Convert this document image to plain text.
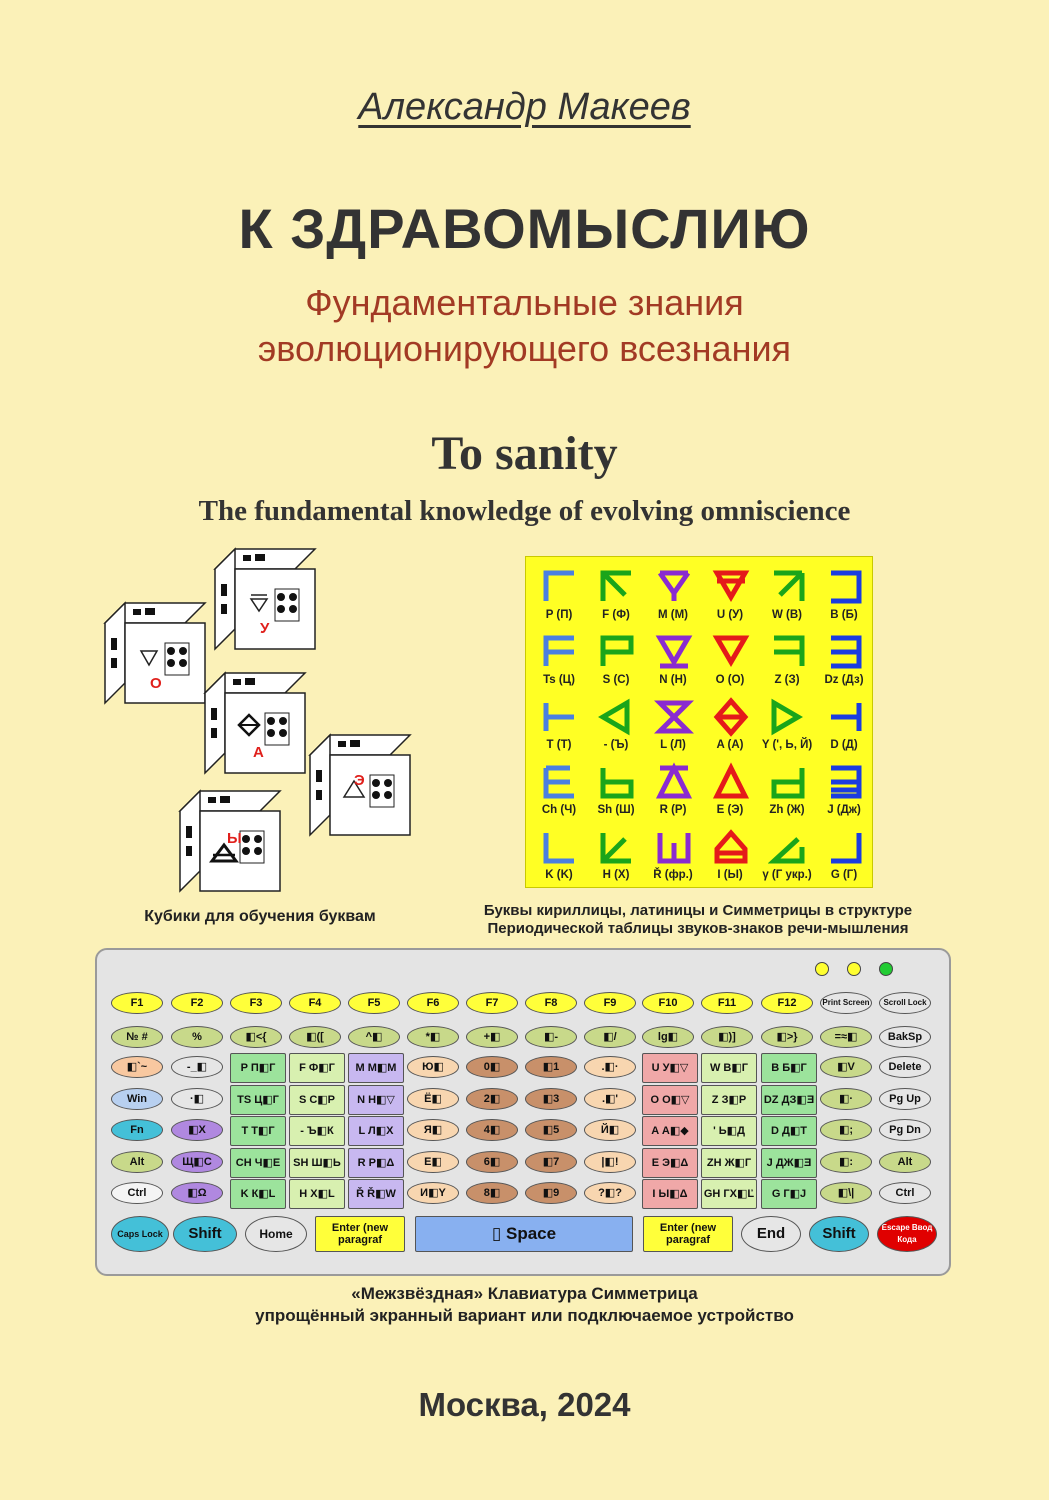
Александр Макеев
К ЗДРАВОМЫСЛИЮ
Фундаментальные знания
эволюционирующего всезнания
To sanity
The fundamental knowledge of evolving omniscience
О
У
А
Э
Ы
Кубики для обучения буквам
P (П)	F (Ф)	M (M)	U (У)	W (B)	B (Б)
Ts (Ц)	S (C)	N (H)	O (O)	Z (З)	Dz (Дз)
T (T)	- (Ъ)	L (Л)	A (A)	Y (', Ь, Й)	D (Д)
Ch (Ч)	Sh (Ш)	R (P)	E (Э)	Zh (Ж)	J (Дж)
K (K)	H (X)	Ř (фр.)	I (Ы)	γ (Г укр.)	G (Г)
Буквы кириллицы, латиницы и Симметрицы в структуре
Периодической таблицы звуков-знаков речи-мышления
F1	F2	F3	F4	F5	F6	F7	F8	F9	F10	F11	F12	Print Screen	Scroll Lock
№ #	%	◧<{	◧([	^◧	*◧	+◧	◧-	◧/	lg◧	◧)]	◧>}	=≈◧	BakSp
◧`~	-_◧	P П◧Г	F Ф◧Г	M М◧М	Ю◧	0◧	◧1	.◧·	U У◧▽	W В◧Г	B Б◧Г	◧V	Delete
Win	·◧	TS Ц◧Г	S С◧Р	N Н◧▽	Ё◧	2◧	◧3	.◧'	O О◧▽	Z З◧Р	DZ ДЗ◧Ǝ	◧·	Pg Up
Fn	◧Х	T Т◧Г	- Ъ◧К	L Л◧Х	Я◧	4◧	◧5	Й◧	A А◧◆	' Ь◧Д	D Д◧Т	◧;	Pg Dn
Alt	Щ◧С	CH Ч◧Е	SH Ш◧Ь	R Р◧Δ	Е◧	6◧	◧7	|◧!	E Э◧Δ	ZH Ж◧Г	J ДЖ◧Ǝ	◧:	Alt
Ctrl	◧Ω	K К◧L	H Х◧L	Ř Ř◧W	И◧Y	8◧	◧9	?◧?	I Ы◧Δ	GH ГХ◧Ľ	G Г◧J	◧\|	Ctrl
Caps Lock	Shift	Home	Enter (new paragraf	▯ Space	Enter (new paragraf	End	Shift	Escape Ввод Кода
«Межзвёздная» Клавиатура Симметрица
упрощённый экранный вариант или подключаемое устройство
Москва, 2024
